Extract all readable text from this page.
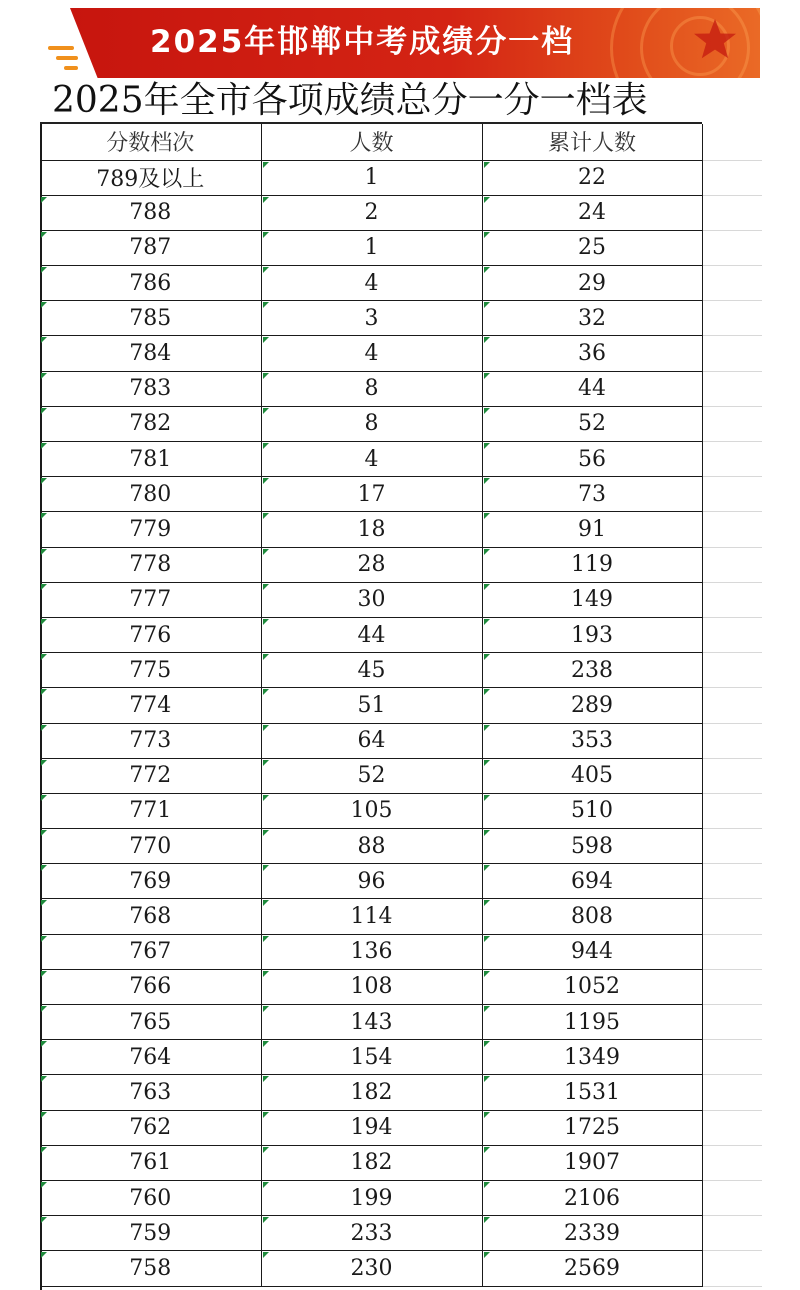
2025年邯郸中考成绩分一档
2025年全市各项成绩总分一分一档表
分数档次	人数	累计人数	
789及以上	1	22	

788	2	24	

787	1	25	

786	4	29	

785	3	32	

784	4	36	

783	8	44	

782	8	52	

781	4	56	

780	17	73	

779	18	91	

778	28	119	

777	30	149	

776	44	193	

775	45	238	

774	51	289	

773	64	353	

772	52	405	

771	105	510	

770	88	598	

769	96	694	

768	114	808	

767	136	944	

766	108	1052	

765	143	1195	

764	154	1349	

763	182	1531	

762	194	1725	

761	182	1907	

760	199	2106	

759	233	2339	

758	230	2569	
